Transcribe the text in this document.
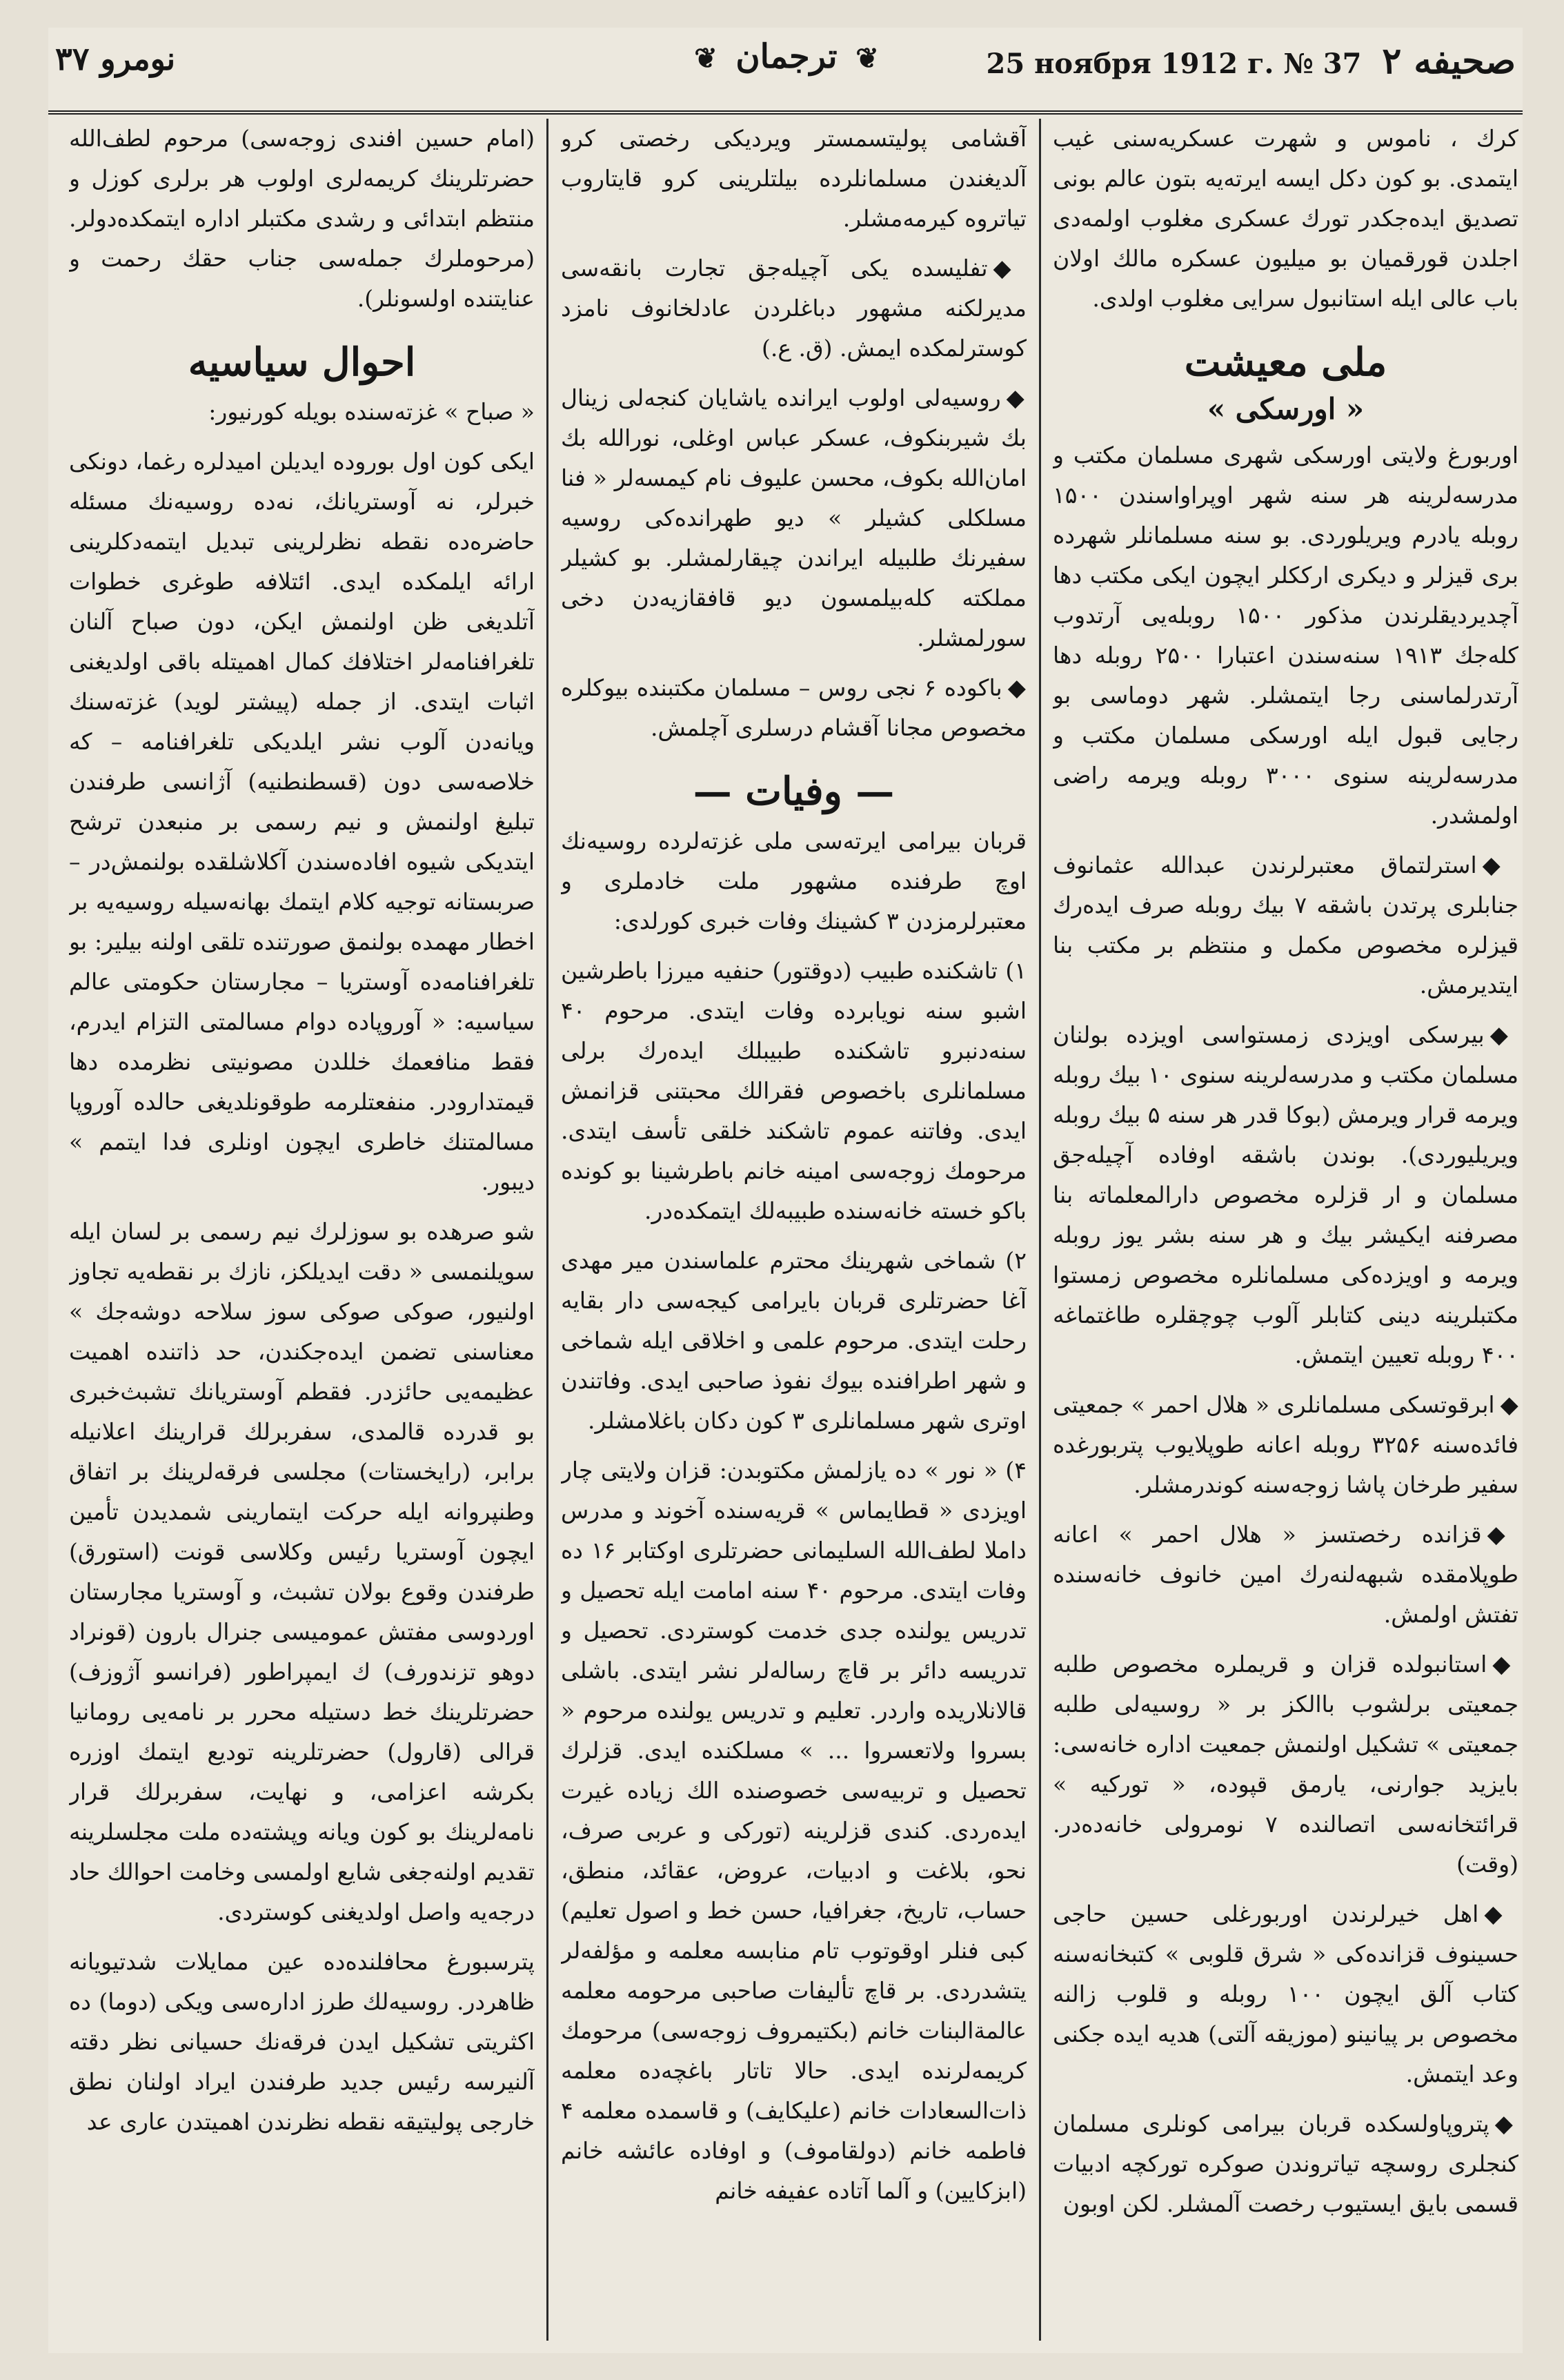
نومرو ۳۷	❦ ترجمان ❦	25 ноября 1912 г. № 37 صحيفه ۲

کرك ، ناموس و شهرت عسکريه‌سنی غيب ايتمدی. بو کون دکل ايسه ايرته‌يه بتون عالم بونی تصديق ايده‌جکدر تورك عسکری مغلوب اولمه‌دی اجلدن قورقميان بو ميليون عسکره مالك اولان باب عالی ايله استانبول سرايی مغلوب اولدی.

ملی معيشت
« اورسکی »

اوربورغ ولايتی اورسکی شهری مسلمان مکتب و مدرسه‌لرينه هر سنه شهر اوپراواسندن ۱۵۰۰ روبله يادرم ويريلوردی. بو سنه مسلمانلر شهرده بری قيزلر و ديکری ارککلر ايچون ايکی مکتب دها آچديرديقلرندن مذکور ۱۵۰۰ روبله‌يی آرتدوب کله‌جك ۱۹۱۳ سنه‌سندن اعتبارا ۲۵۰۰ روبله دها آرتدرلماسنی رجا ايتمشلر. شهر دوماسی بو رجايی قبول ايله اورسکی مسلمان مکتب و مدرسه‌لرينه سنوی ۳۰۰۰ روبله ويرمه راضی اولمشدر.

◆استرلتماق معتبرلرندن عبدالله عثمانوف جنابلری پرتدن باشقه ۷ بيك روبله صرف ايده‌رك قيزلره مخصوص مکمل و منتظم بر مکتب بنا ايتديرمش.

◆بيرسکی اويزدی زمستواسی اويزده بولنان مسلمان مکتب و مدرسه‌لرينه سنوی ۱۰ بيك روبله ويرمه قرار ويرمش (بوکا قدر هر سنه ۵ بيك روبله ويريليوردی). بوندن باشقه اوفاده آچيله‌جق مسلمان و ار قزلره مخصوص دارالمعلماته بنا مصرفنه ايکيشر بيك و هر سنه بشر يوز روبله ويرمه و اويزده‌کی مسلمانلره مخصوص زمستوا مکتبلرينه دينی کتابلر آلوب چوچقلره طاغتماغه ۴۰۰ روبله تعيين ايتمش.

◆ابرقوتسکی مسلمانلری « هلال احمر » جمعيتی فائده‌سنه ۳۲۵۶ روبله اعانه طوپلايوب پتربورغده سفير طرخان پاشا زوجه‌سنه کوندرمشلر.

◆قزانده رخصتسز « هلال احمر » اعانه طوپلامقده شبهه‌لنه‌رك امين خانوف خانه‌سنده تفتش اولمش.

◆استانبولده قزان و قريملره مخصوص طلبه جمعيتی برلشوب باالکز بر « روسيه‌لی طلبه جمعيتی » تشکيل اولنمش جمعيت اداره خانه‌سی: بايزيد جوارنی، يارمق قپوده، « توركيه » قرا‌ئتخانه‌سی اتصالنده ۷ نومرولی خانه‌ده‌در. (وقت)

◆اهل خيرلرندن اوربورغلی حسين حاجی حسينوف قزانده‌کی « شرق قلوبی » کتبخانه‌سنه کتاب آلق ايچون ۱۰۰ روبله و قلوب زالنه مخصوص بر پيانينو (موزيقه آلتی) هديه ايده جکنی وعد ايتمش.

◆پتروپاولسکده قربان بيرامی کونلری مسلمان کنجلری روسچه تياتروندن صوکره توركچه ادبيات قسمی بايق ايستيوب رخصت آلمشلر. لکن اوبون

آقشامی پوليتسمستر ويرديکی رخصتی کرو آلديغندن مسلمانلرده بيلتلرينی کرو قايتاروب تياتروه کيرمه‌مشلر.

◆تفليسده يکی آچيله‌جق تجارت بانقه‌سی مديرلکنه مشهور دباغلردن عادلخانوف نامزد کوسترلمکده ايمش. (ق. ع.)

◆روسيه‌لی اولوب ايرانده ياشايان کنجه‌لی زينال بك شيربنکوف، عسکر عباس اوغلی، نورالله بك امان‌الله بکوف، محسن عليوف نام کيمسه‌لر « فنا مسلکلی کشيلر » ديو طهرانده‌کی روسيه سفيرنك طلبيله ايراندن چيقارلمشلر. بو کشيلر مملکته کله‌بيلمسون ديو قافقازيه‌دن دخی سورلمشلر.

◆باکوده ۶ نجی روس – مسلمان مکتبنده بيوکلره مخصوص مجانا آقشام درسلری آچلمش.

— وفيات —

قربان بيرامی ايرته‌سی ملی غزته‌لرده روسيه‌نك اوچ طرفنده مشهور ملت خادملری و معتبرلرمزدن ۳ کشينك وفات خبری کورلدی:

۱) تاشکنده طبيب (دوقتور) حنفيه ميرزا باطرشين اشبو سنه نويابرده وفات ايتدی. مرحوم ۴۰ سنه‌دنبرو تاشکنده طبيبلك ايده‌رك برلی مسلمانلری باخصوص فقرالك محبتنی قزانمش ايدی. وفاتنه عموم تاشکند خلقی تأسف ايتدی. مرحومك زوجه‌سی امينه خانم باطرشينا بو کونده باکو خسته خانه‌سنده طبيبه‌لك ايتمکده‌در.

۲) شماخی شهرينك محترم علماسندن مير مهدی آغا حضرتلری قربان بايرامی کيجه‌سی دار بقايه رحلت ايتدی. مرحوم علمی و اخلاقی ايله شماخی و شهر اطرافنده بيوك نفوذ صاحبی ايدی. وفاتندن اوتری شهر مسلمانلری ۳ کون دکان باغلامشلر.

۴) « نور » ده يازلمش مکتوبدن: قزان ولايتی چار اويزدی « قطايماس » قريه‌سنده آخوند و مدرس داملا لطف‌الله السليمانی حضرتلری اوکتابر ۱۶ ده وفات ايتدی. مرحوم ۴۰ سنه امامت ايله تحصيل و تدريس يولنده جدی خدمت کوستردی. تحصيل و تدريسه دائر بر قاچ رساله‌لر نشر ايتدی. باشلی قالانلاريده واردر. تعليم و تدريس يولنده مرحوم « بسروا ولاتعسروا ... » مسلکنده ايدی. قزلرك تحصيل و تربيه‌سی خصوصنده الك زياده غيرت ايده‌ردی. کندی قزلرينه (تورکی و عربی صرف، نحو، بلاغت و ادبيات، عروض، عقائد، منطق، حساب، تاريخ، جغرافيا، حسن خط و اصول تعليم) کبی فنلر اوقوتوب تام منابسه معلمه و مؤلفه‌لر يتشدردی. بر قاچ تأليفات صاحبی مرحومه معلمه عالمة‌البنات خانم (بکتيمروف زوجه‌سی) مرحومك کريمه‌لرنده ايدی. حالا تاتار باغچه‌ده معلمه ذات‌السعادات خانم (عليکايف) و قاسمده معلمه ۴ فاطمه خانم (دولقاموف) و اوفاده عائشه خانم (ابزکايين) و آلما آتاده عفيفه خانم

(امام حسين افندی زوجه‌سی) مرحوم لطف‌الله حضرتلرينك کريمه‌لری اولوب هر برلری کوزل و منتظم ابتدائی و رشدی مکتبلر اداره ايتمکده‌دولر. (مرحوملرك جمله‌سی جناب حقك رحمت و عنايتنده اولسونلر).

احوال سياسيه

« صباح » غزته‌سنده بويله کورنيور:

ايکی کون اول بوروده ايديلن اميدلره رغما، دونکی خبرلر، نه آوستريانك، نه‌ده روسيه‌نك مسئله حاضره‌ده نقطه نظرلرينی تبديل ايتمه‌دکلرينی ارائه ايلمکده ايدی. ائتلافه طوغری خطوات آتلديغی ظن اولنمش ايکن، دون صباح آلنان تلغرافنامه‌لر اختلافك کمال اهميتله باقی اولديغنی اثبات ايتدی. از جمله (پيشتر لويد) غزته‌سنك ويانه‌دن آلوب نشر ايلديکی تلغرافنامه – که خلاصه‌سی دون (قسطنطنيه) آژانسی طرفندن تبليغ اولنمش و نيم رسمی بر منبعدن ترشح ايتديکی شيوه افاده‌سندن آکلاشلقده بولنمش‌در – صربستانه توجيه کلام ايتمك بهانه‌سيله روسيه‌يه بر اخطار مهمده بولنمق صورتنده تلقی اولنه بيلير: بو تلغرافنامه‌ده آوستريا – مجارستان حکومتی عالم سياسيه: « آوروپاده دوام مسالمتی التزام ايدرم، فقط منافعمك خللدن مصونيتی نظرمده دها قيمتدارودر. منفعتلرمه طوقونلديغی حالده آوروپا مسالمتنك خاطری ايچون اونلری فدا ايتمم » ديبور.

شو صرهده بو سوزلرك نيم رسمی بر لسان ايله سويلنمسی « دقت ايديلکز، نازك بر نقطه‌يه تجاوز اولنيور، صوکی صوکی سوز سلاحه دوشه‌جك » معناسنی تضمن ايده‌جکندن، حد ذاتنده اهميت عظيمه‌يی حائزدر. فقطم آوستريانك تشبث‌خبری بو قدرده قالمدی، سفربرلك قرارينك اعلانيله برابر، (رايخستات) مجلسی فرقه‌لرينك بر اتفاق وطنپروانه ايله حرکت ايتمارينی شمديدن تأمين ايچون آوستريا رئيس وکلاسی قونت (استورق) طرفندن وقوع بولان تشبث، و آوستريا مجارستان اوردوسی مفتش عموميسی جنرال بارون (قونراد دوهو تزندورف) ك ايمپراطور (فرانسو آژوزف) حضرتلرينك خط دستيله محرر بر نامه‌يی رومانيا قرالی (قارول) حضرتلرينه توديع ايتمك اوزره بکرشه اعزامی، و نهايت، سفربرلك قرار نامه‌لرينك بو کون ويانه وپشته‌ده ملت مجلسلرينه تقديم اولنه‌جغی شايع اولمسی وخامت احوالك حاد درجه‌يه واصل اولديغنی کوستردی.

پترسبورغ محافلنده‌ده عين ممايلات شدتيويانه ظاهردر. روسيه‌لك طرز اداره‌سی ويکی (دوما) ده اکثريتی تشکيل ايدن فرقه‌نك حسيانی نظر دقته آلنيرسه رئيس جديد طرفندن ايراد اولنان نطق خارجی پوليتيقه نقطه نظرندن اهميتدن عاری عد
